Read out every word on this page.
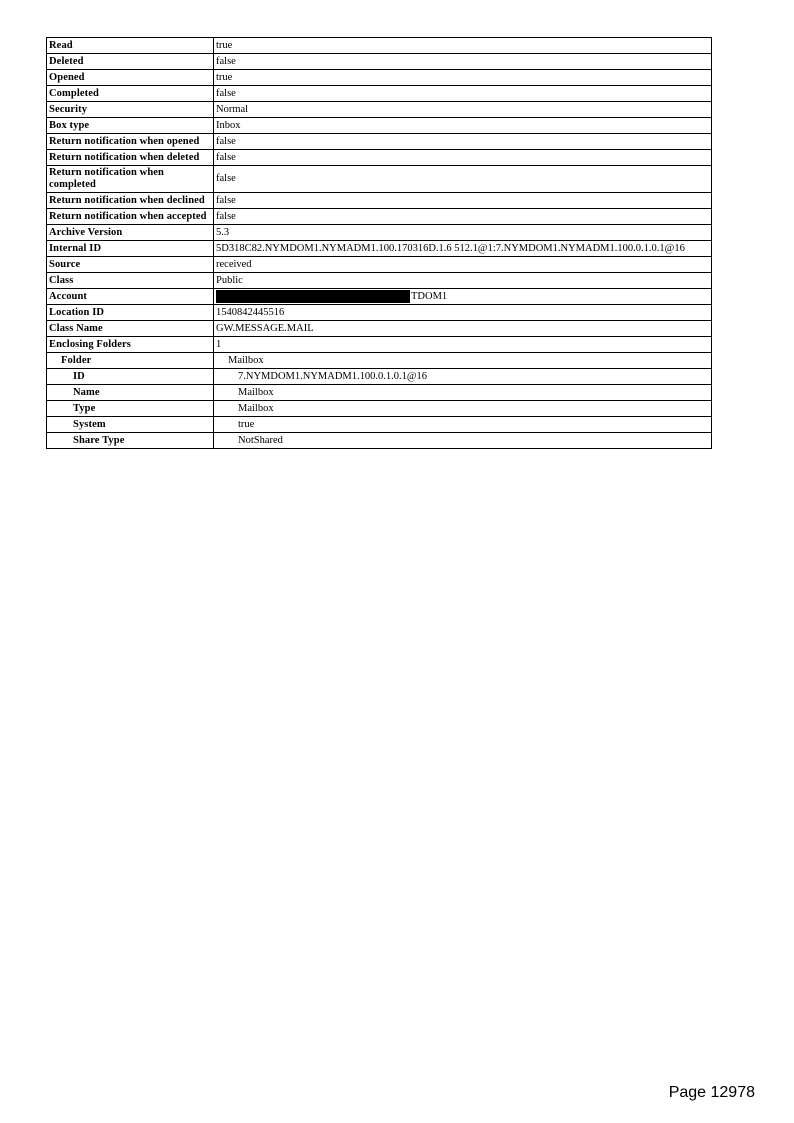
Read	true
Deleted	false
Opened	true
Completed	false
Security	Normal
Box type	Inbox
Return notification when opened	false
Return notification when deleted	false
Return notification when completed	false
Return notification when declined	false
Return notification when accepted	false
Archive Version	5.3
Internal ID	5D318C82.NYMDOM1.NYMADM1.100.170316D.1.6 512.1@1:7.NYMDOM1.NYMADM1.100.0.1.0.1@16
Source	received
Class	Public
Account	TDOM1
Location ID	1540842445516
Class Name	GW.MESSAGE.MAIL
Enclosing Folders	1
Folder	Mailbox
ID	7.NYMDOM1.NYMADM1.100.0.1.0.1@16
Name	Mailbox
Type	Mailbox
System	true
Share Type	NotShared
Page 12978
